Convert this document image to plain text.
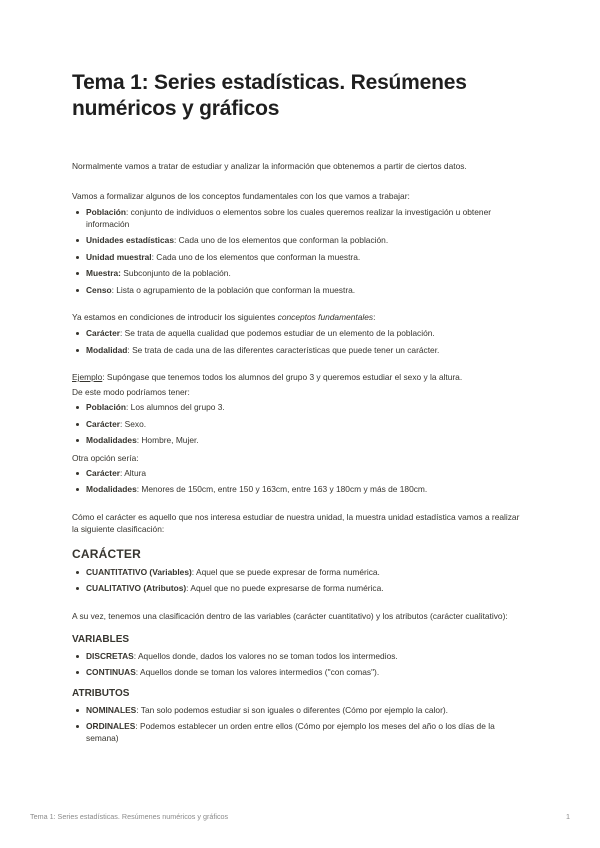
Tema 1: Series estadísticas. Resúmenes numéricos y gráficos

Normalmente vamos a tratar de estudiar y analizar la información que obtenemos a partir de ciertos datos.

Vamos a formalizar algunos de los conceptos fundamentales con los que vamos a trabajar:

Población: conjunto de individuos o elementos sobre los cuales queremos realizar la investigación u obtener información
Unidades estadísticas: Cada uno de los elementos que conforman la población.
Unidad muestral: Cada uno de los elementos que conforman la muestra.
Muestra: Subconjunto de la población.
Censo: Lista o agrupamiento de la población que conforman la muestra.

Ya estamos en condiciones de introducir los siguientes conceptos fundamentales:

Carácter: Se trata de aquella cualidad que podemos estudiar de un elemento de la población.
Modalidad: Se trata de cada una de las diferentes características que puede tener un carácter.

Ejemplo: Supóngase que tenemos todos los alumnos del grupo 3 y queremos estudiar el sexo y la altura.

De este modo podríamos tener:

Población: Los alumnos del grupo 3.
Carácter: Sexo.
Modalidades: Hombre, Mujer.

Otra opción sería:

Carácter: Altura
Modalidades: Menores de 150cm, entre 150 y 163cm, entre 163 y 180cm y más de 180cm.

Cómo el carácter es aquello que nos interesa estudiar de nuestra unidad, la muestra unidad estadística vamos a realizar la siguiente clasificación:

CARÁCTER
CUANTITATIVO (Variables): Aquel que se puede expresar de forma numérica.
CUALITATIVO (Atributos): Aquel que no puede expresarse de forma numérica.

A su vez, tenemos una clasificación dentro de las variables (carácter cuantitativo) y los atributos (carácter cualitativo):

VARIABLES
DISCRETAS: Aquellos donde, dados los valores no se toman todos los intermedios.
CONTINUAS: Aquellos donde se toman los valores intermedios ("con comas").
ATRIBUTOS
NOMINALES: Tan solo podemos estudiar si son iguales o diferentes (Cómo por ejemplo la calor).
ORDINALES: Podemos establecer un orden entre ellos (Cómo por ejemplo los meses del año o los días de la semana)
Tema 1: Series estadísticas. Resúmenes numéricos y gráficos	1
